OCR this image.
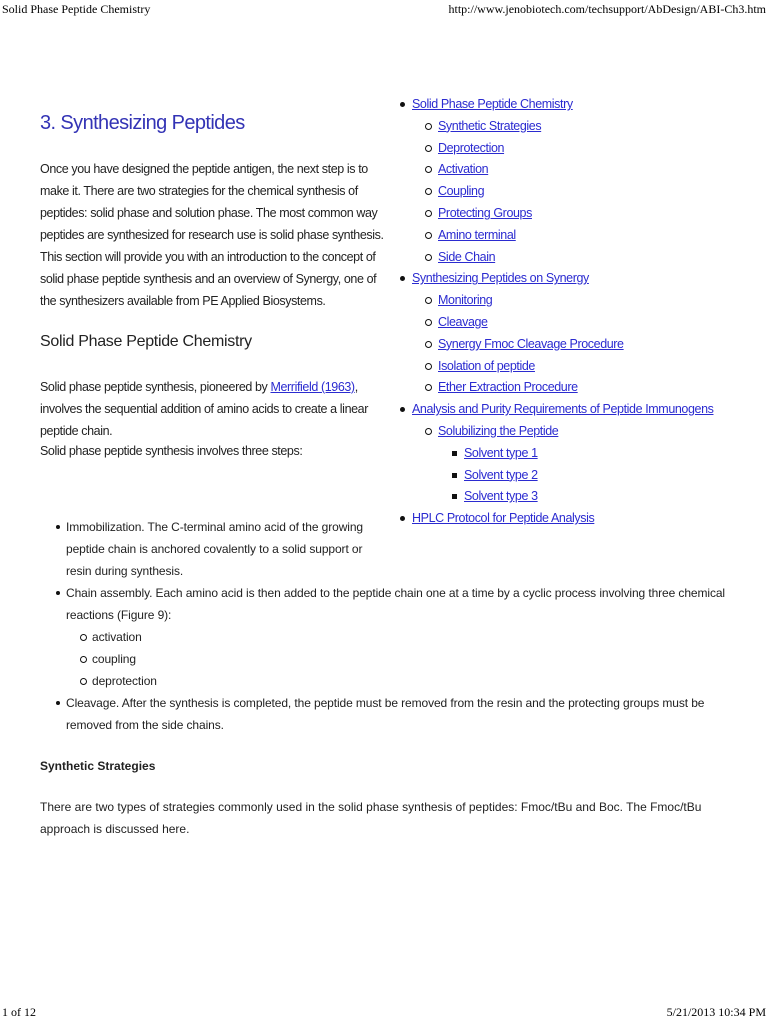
Solid Phase Peptide Chemistry	http://www.jenobiotech.com/techsupport/AbDesign/ABI-Ch3.htm
3. Synthesizing Peptides

Once you have designed the peptide antigen, the next step is to make it. There are two strategies for the chemical synthesis of peptides: solid phase and solution phase. The most common way peptides are synthesized for research use is solid phase synthesis. This section will provide you with an introduction to the concept of solid phase peptide synthesis and an overview of Synergy, one of the synthesizers available from PE Applied Biosystems.

Solid Phase Peptide Chemistry

Solid phase peptide synthesis, pioneered by Merrifield (1963), involves the sequential addition of amino acids to create a linear peptide chain.

Solid phase peptide synthesis involves three steps:

Solid Phase Peptide Chemistry
Synthetic Strategies
Deprotection
Activation
Coupling
Protecting Groups
Amino terminal
Side Chain
Synthesizing Peptides on Synergy
Monitoring
Cleavage
Synergy Fmoc Cleavage Procedure
Isolation of peptide
Ether Extraction Procedure
Analysis and Purity Requirements of Peptide Immunogens
Solubilizing the Peptide
Solvent type 1
Solvent type 2
Solvent type 3
HPLC Protocol for Peptide Analysis
Immobilization. The C-terminal amino acid of the growing peptide chain is anchored covalently to a solid support or resin during synthesis.
Chain assembly. Each amino acid is then added to the peptide chain one at a time by a cyclic process involving three chemical reactions (Figure 9):
activation
coupling
deprotection
Cleavage. After the synthesis is completed, the peptide must be removed from the resin and the protecting groups must be removed from the side chains.
Synthetic Strategies

There are two types of strategies commonly used in the solid phase synthesis of peptides: Fmoc/tBu and Boc. The Fmoc/tBu approach is discussed here.

1 of 12	5/21/2013 10:34 PM
